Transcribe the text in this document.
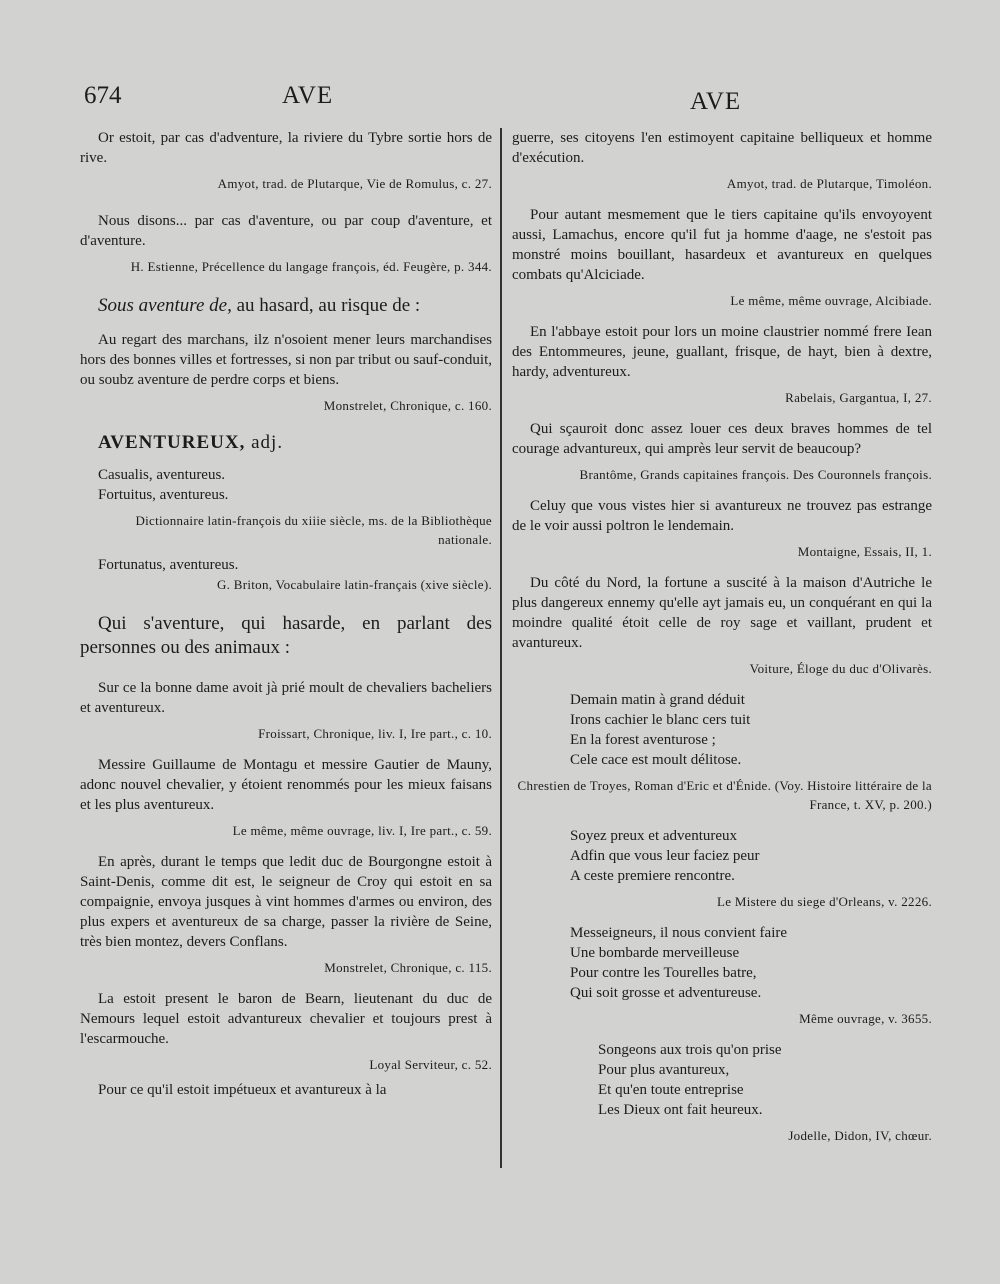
674	AVE	AVE

Or estoit, par cas d'adventure, la riviere du Tybre sortie hors de rive.

Amyot, trad. de Plutarque, Vie de Romulus, c. 27.

Nous disons... par cas d'aventure, ou par coup d'aventure, et d'aventure.

H. Estienne, Précellence du langage françois, éd. Feugère, p. 344.

Sous aventure de, au hasard, au risque de :

Au regart des marchans, ilz n'osoient mener leurs marchandises hors des bonnes villes et fortresses, si non par tribut ou sauf-conduit, ou soubz aventure de perdre corps et biens.

Monstrelet, Chronique, c. 160.

AVENTUREUX, adj.

Casualis, aventureus.

Fortuitus, aventureus.

Dictionnaire latin-françois du xiiie siècle, ms. de la Bibliothèque nationale.

Fortunatus, aventureus.

G. Briton, Vocabulaire latin-français (xive siècle).

Qui s'aventure, qui hasarde, en parlant des personnes ou des animaux :

Sur ce la bonne dame avoit jà prié moult de chevaliers bacheliers et aventureux.

Froissart, Chronique, liv. I, Ire part., c. 10.

Messire Guillaume de Montagu et messire Gautier de Mauny, adonc nouvel chevalier, y étoient renommés pour les mieux faisans et les plus aventureux.

Le même, même ouvrage, liv. I, Ire part., c. 59.

En après, durant le temps que ledit duc de Bourgongne estoit à Saint-Denis, comme dit est, le seigneur de Croy qui estoit en sa compaignie, envoya jusques à vint hommes d'armes ou environ, des plus expers et aventureux de sa charge, passer la rivière de Seine, très bien montez, devers Conflans.

Monstrelet, Chronique, c. 115.

La estoit present le baron de Bearn, lieutenant du duc de Nemours lequel estoit advantureux chevalier et toujours prest à l'escarmouche.

Loyal Serviteur, c. 52.

Pour ce qu'il estoit impétueux et avantureux à la

guerre, ses citoyens l'en estimoyent capitaine belliqueux et homme d'exécution.

Amyot, trad. de Plutarque, Timoléon.

Pour autant mesmement que le tiers capitaine qu'ils envoyoyent aussi, Lamachus, encore qu'il fut ja homme d'aage, ne s'estoit pas monstré moins bouillant, hasardeux et avantureux en quelques combats qu'Alciciade.

Le même, même ouvrage, Alcibiade.

En l'abbaye estoit pour lors un moine claustrier nommé frere Iean des Entommeures, jeune, guallant, frisque, de hayt, bien à dextre, hardy, adventureux.

Rabelais, Gargantua, I, 27.

Qui sçauroit donc assez louer ces deux braves hommes de tel courage advantureux, qui amprès leur servit de beaucoup?

Brantôme, Grands capitaines françois. Des Couronnels françois.

Celuy que vous vistes hier si avantureux ne trouvez pas estrange de le voir aussi poltron le lendemain.

Montaigne, Essais, II, 1.

Du côté du Nord, la fortune a suscité à la maison d'Autriche le plus dangereux ennemy qu'elle ayt jamais eu, un conquérant en qui la moindre qualité étoit celle de roy sage et vaillant, prudent et avantureux.

Voiture, Éloge du duc d'Olivarès.

Demain matin à grand déduit
Irons cachier le blanc cers tuit
En la forest aventurose ;
Cele cace est moult délitose.

Chrestien de Troyes, Roman d'Eric et d'Énide. (Voy. Histoire littéraire de la France, t. XV, p. 200.)

Soyez preux et adventureux
Adfin que vous leur faciez peur
A ceste premiere rencontre.

Le Mistere du siege d'Orleans, v. 2226.

Messeigneurs, il nous convient faire
Une bombarde merveilleuse
Pour contre les Tourelles batre,
Qui soit grosse et adventureuse.

Même ouvrage, v. 3655.

Songeons aux trois qu'on prise
Pour plus avantureux,
Et qu'en toute entreprise
Les Dieux ont fait heureux.

Jodelle, Didon, IV, chœur.
